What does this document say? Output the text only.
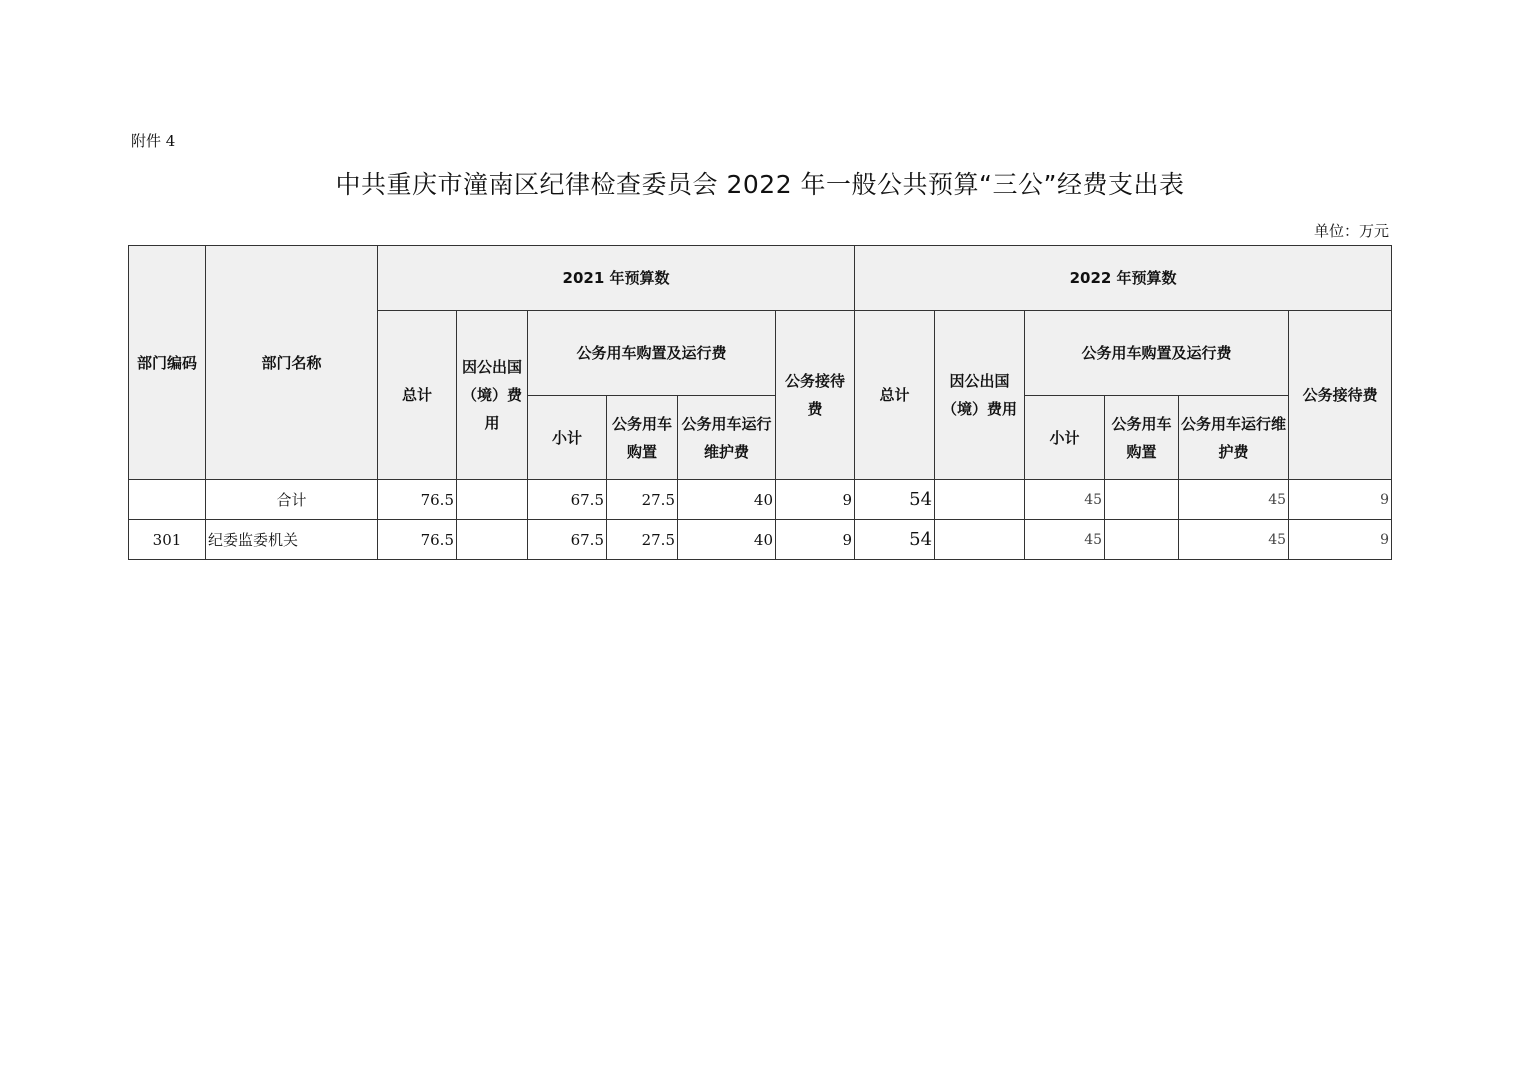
附件 4
中共重庆市潼南区纪律检查委员会 2022 年一般公共预算“三公”经费支出表
单位：万元
部门编码	部门名称	2021 年预算数						2022 年预算数					
		总计	因公出国（境）费用	公务用车购置及运行费			公务接待费	总计	因公出国（境）费用	公务用车购置及运行费			公务接待费
				小计	公务用车购置	公务用车运行维护费				小计	公务用车购置	公务用车运行维护费	
	合计	76.5		67.5	27.5	40	9	54		45		45	9
301	纪委监委机关	76.5		67.5	27.5	40	9	54		45		45	9
